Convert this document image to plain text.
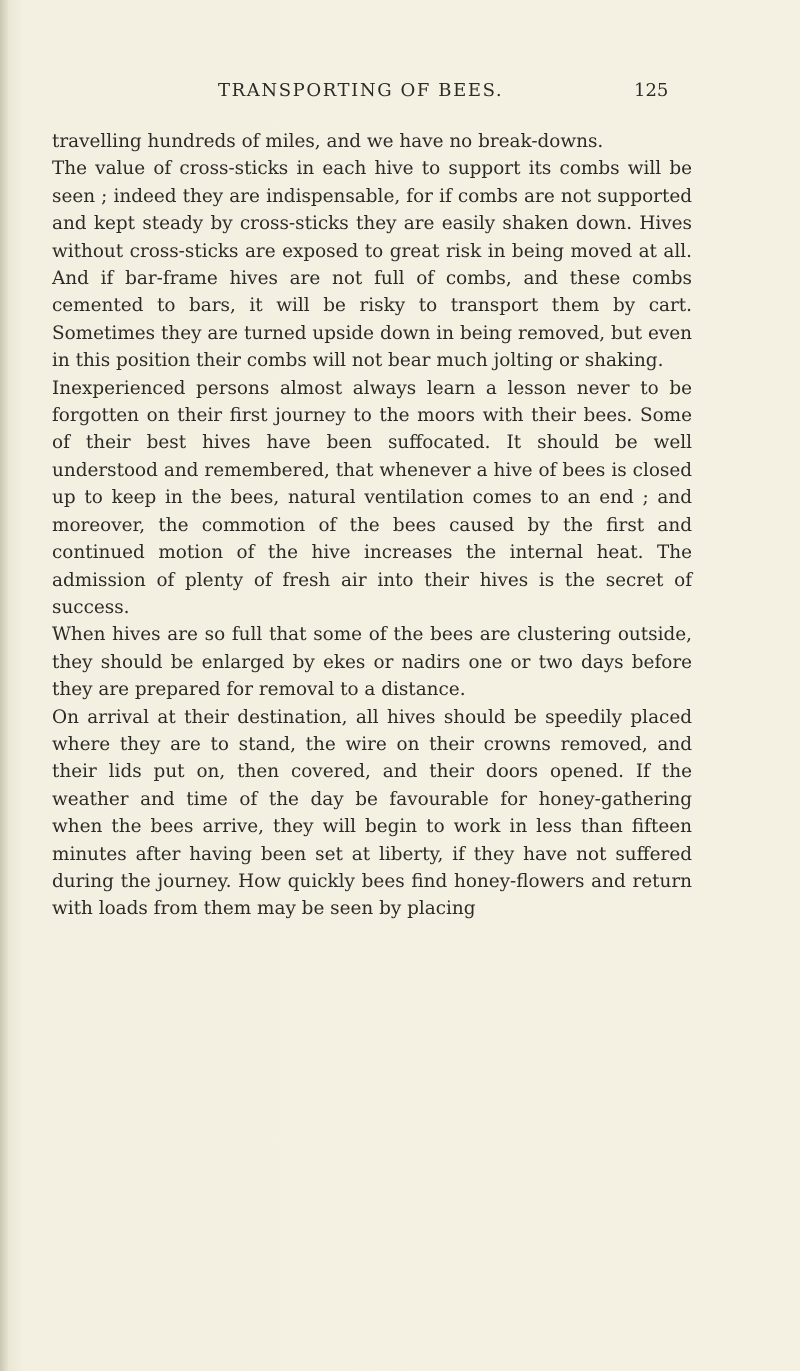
TRANSPORTING OF BEES.	125

travelling hundreds of miles, and we have no break-downs.

The value of cross-sticks in each hive to support its combs will be seen ; indeed they are indispensable, for if combs are not supported and kept steady by cross-sticks they are easily shaken down. Hives without cross-sticks are exposed to great risk in being moved at all. And if bar-frame hives are not full of combs, and these combs cemented to bars, it will be risky to transport them by cart. Sometimes they are turned upside down in being removed, but even in this position their combs will not bear much jolting or shaking.

Inexperienced persons almost always learn a lesson never to be forgotten on their first journey to the moors with their bees. Some of their best hives have been suffocated. It should be well understood and remembered, that whenever a hive of bees is closed up to keep in the bees, natural ventilation comes to an end ; and moreover, the commotion of the bees caused by the first and continued motion of the hive increases the internal heat. The admission of plenty of fresh air into their hives is the secret of success.

When hives are so full that some of the bees are clustering outside, they should be enlarged by ekes or nadirs one or two days before they are prepared for removal to a distance.

On arrival at their destination, all hives should be speedily placed where they are to stand, the wire on their crowns removed, and their lids put on, then covered, and their doors opened. If the weather and time of the day be favourable for honey-gathering when the bees arrive, they will begin to work in less than fifteen minutes after having been set at liberty, if they have not suffered during the journey. How quickly bees find honey-flowers and return with loads from them may be seen by placing
